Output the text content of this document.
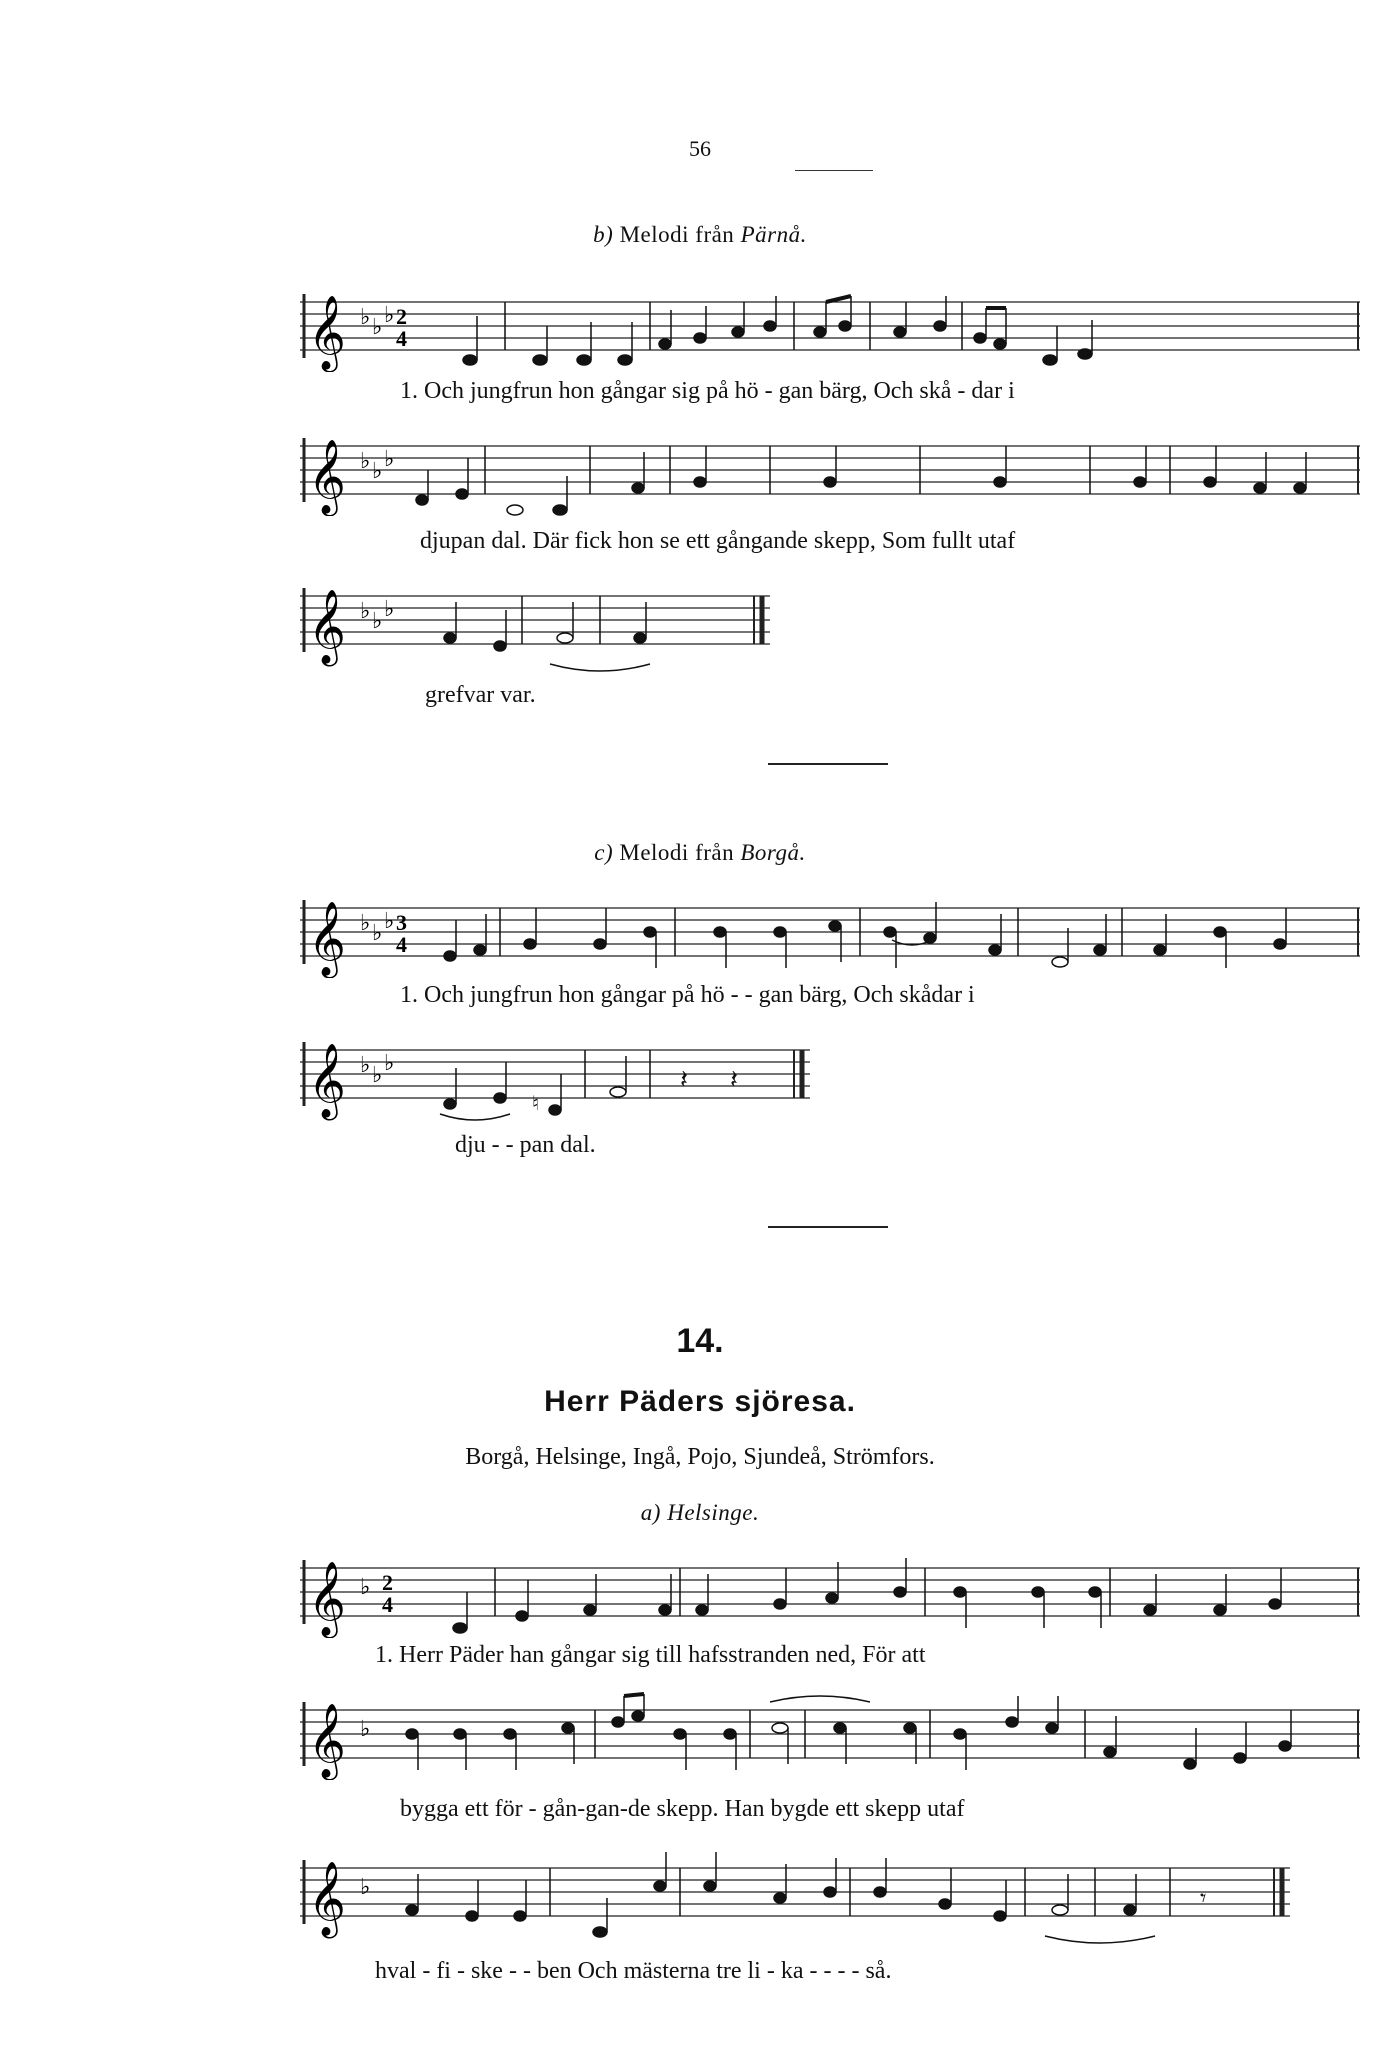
56
b) Melodi från Pärnå.
𝄞 ♭ ♭ ♭ 2
4
1. Och jungfrun hon gångar sig på hö - gan bärg, Och skå - dar i
𝄞 ♭ ♭ ♭
djupan dal. Där fick hon se ett gångande skepp, Som fullt utaf
𝄞 ♭ ♭ ♭
grefvar var.
c) Melodi från Borgå.
𝄞 ♭ ♭ ♭ 3
4
1. Och jungfrun hon gångar på hö - - gan bärg, Och skådar i
𝄞 ♭ ♭ ♭
♮
𝄽 𝄽
dju - - pan dal.
14.
Herr Päders sjöresa.
Borgå, Helsinge, Ingå, Pojo, Sjundeå, Strömfors.
a) Helsinge.
𝄞 ♭ 2
4
1. Herr Päder han gångar sig till hafsstranden ned, För att
𝄞 ♭
bygga ett för - gån-gan-de skepp. Han bygde ett skepp utaf
𝄞 ♭	𝄾
hval - fi - ske - - ben Och mästerna tre li - ka - - - - så.
